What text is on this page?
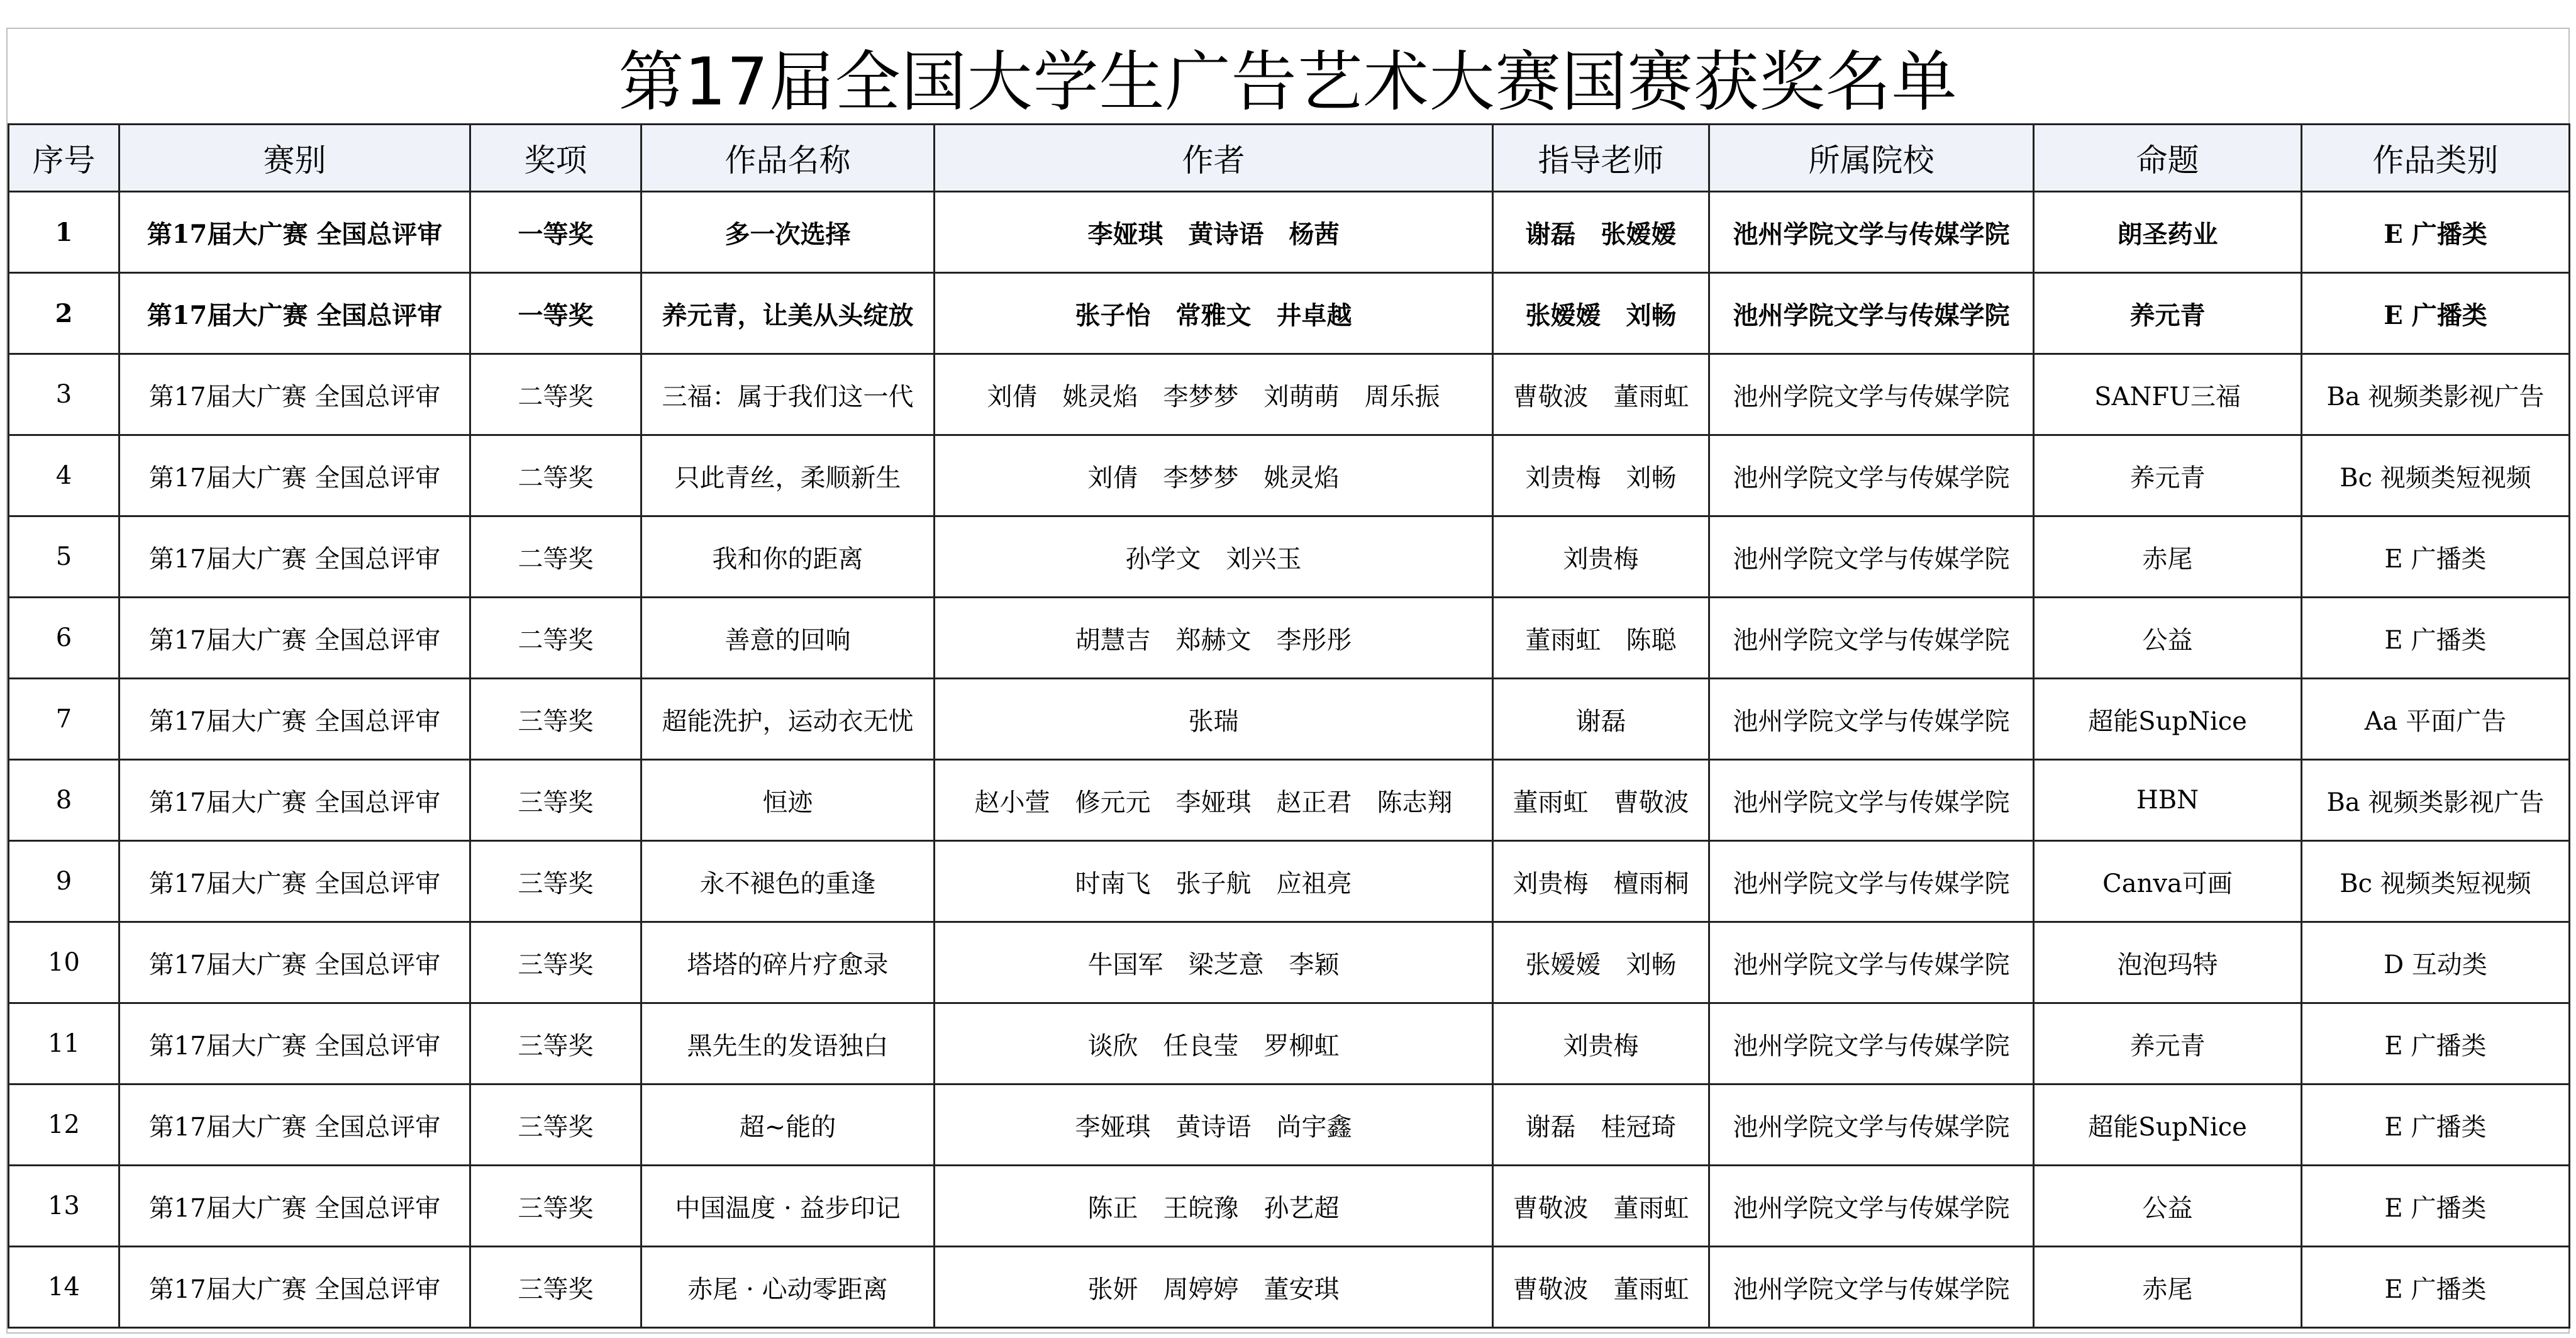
第17届全国大学生广告艺术大赛国赛获奖名单
序号	赛别	奖项	作品名称	作者	指导老师	所属院校	命题	作品类别
1	第17届大广赛 全国总评审	一等奖	多一次选择	李娅琪　黄诗语　杨茜	谢磊　张嫒嫒	池州学院文学与传媒学院	朗圣药业	E 广播类
2	第17届大广赛 全国总评审	一等奖	养元青，让美从头绽放	张子怡　常雅文　井卓越	张嫒嫒　刘畅	池州学院文学与传媒学院	养元青	E 广播类
3	第17届大广赛 全国总评审	二等奖	三福：属于我们这一代	刘倩　姚灵焰　李梦梦　刘萌萌　周乐振	曹敬波　董雨虹	池州学院文学与传媒学院	SANFU三福	Ba 视频类影视广告
4	第17届大广赛 全国总评审	二等奖	只此青丝，柔顺新生	刘倩　李梦梦　姚灵焰	刘贵梅　刘畅	池州学院文学与传媒学院	养元青	Bc 视频类短视频
5	第17届大广赛 全国总评审	二等奖	我和你的距离	孙学文　刘兴玉	刘贵梅	池州学院文学与传媒学院	赤尾	E 广播类
6	第17届大广赛 全国总评审	二等奖	善意的回响	胡慧吉　郑赫文　李彤彤	董雨虹　陈聪	池州学院文学与传媒学院	公益	E 广播类
7	第17届大广赛 全国总评审	三等奖	超能洗护，运动衣无忧	张瑞	谢磊	池州学院文学与传媒学院	超能SupNice	Aa 平面广告
8	第17届大广赛 全国总评审	三等奖	恒迹	赵小萱　修元元　李娅琪　赵正君　陈志翔	董雨虹　曹敬波	池州学院文学与传媒学院	HBN	Ba 视频类影视广告
9	第17届大广赛 全国总评审	三等奖	永不褪色的重逢	时南飞　张子航　应祖亮	刘贵梅　檀雨桐	池州学院文学与传媒学院	Canva可画	Bc 视频类短视频
10	第17届大广赛 全国总评审	三等奖	塔塔的碎片疗愈录	牛国军　梁芝意　李颖	张嫒嫒　刘畅	池州学院文学与传媒学院	泡泡玛特	D 互动类
11	第17届大广赛 全国总评审	三等奖	黑先生的发语独白	谈欣　任良莹　罗柳虹	刘贵梅	池州学院文学与传媒学院	养元青	E 广播类
12	第17届大广赛 全国总评审	三等奖	超~能的	李娅琪　黄诗语　尚宇鑫	谢磊　桂冠琦	池州学院文学与传媒学院	超能SupNice	E 广播类
13	第17届大广赛 全国总评审	三等奖	中国温度 · 益步印记	陈正　王皖豫　孙艺超	曹敬波　董雨虹	池州学院文学与传媒学院	公益	E 广播类
14	第17届大广赛 全国总评审	三等奖	赤尾 · 心动零距离	张妍　周婷婷　董安琪	曹敬波　董雨虹	池州学院文学与传媒学院	赤尾	E 广播类
